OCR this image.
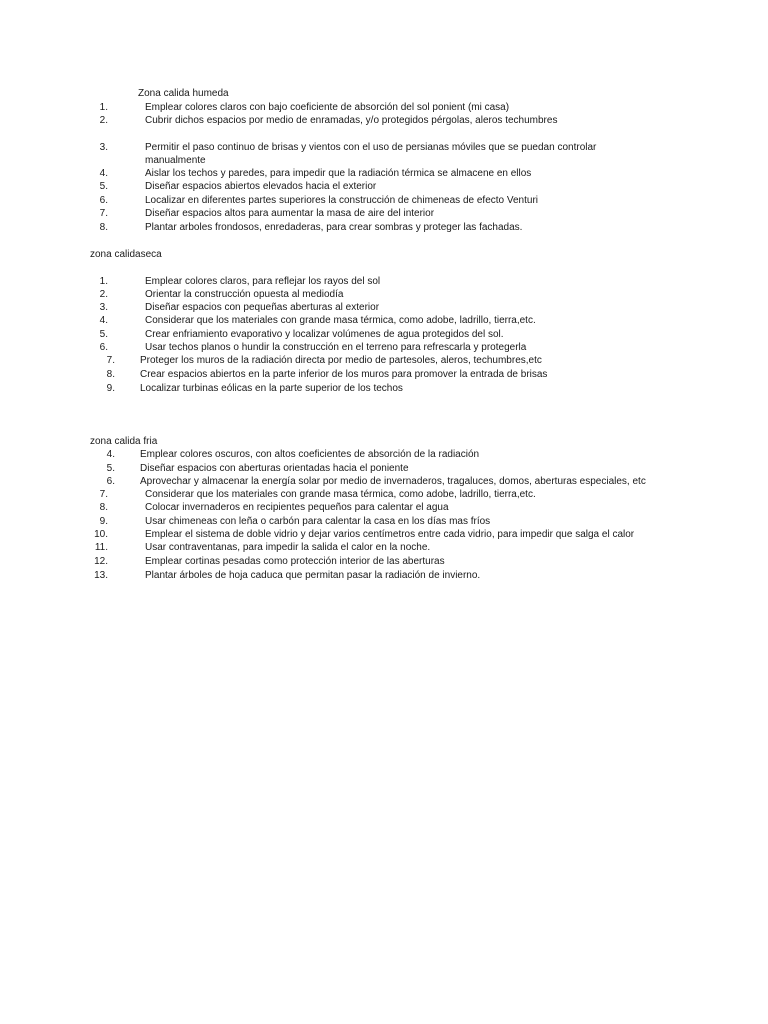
Zona calida humeda
1.	Emplear colores claros con bajo coeficiente de absorción del sol ponient (mi casa)
2.	Cubrir dichos espacios por medio de enramadas, y/o protegidos pérgolas, aleros techumbres
3.	Permitir el paso continuo de brisas y vientos con el uso de persianas móviles que se puedan controlar manualmente
4.	Aislar los techos y paredes, para impedir que la radiación térmica se almacene en ellos
5.	Diseñar espacios abiertos elevados hacia el exterior
6.	Localizar en diferentes partes superiores la construcción de chimeneas de efecto Venturi
7.	Diseñar espacios altos para aumentar la masa de aire del interior
8.	Plantar arboles frondosos, enredaderas, para crear sombras y proteger las fachadas.
zona calidaseca
1.	Emplear colores claros, para reflejar los rayos del sol
2.	Orientar la construcción opuesta al mediodía
3.	Diseñar espacios con pequeñas aberturas al exterior
4.	Considerar que los materiales con grande masa térmica, como adobe, ladrillo, tierra,etc.
5.	Crear enfriamiento evaporativo y localizar volúmenes de agua protegidos del sol.
6.	Usar techos planos o hundir la construcción en el terreno para refrescarla y protegerla
7.	Proteger los muros de la radiación directa por medio de partesoles, aleros, techumbres,etc
8.	Crear espacios abiertos en la parte inferior de los muros para promover la entrada de brisas
9.	Localizar turbinas eólicas en la parte superior de los techos
zona calida fria
4.	Emplear colores oscuros, con altos coeficientes de absorción de la radiación
5.	Diseñar espacios con aberturas orientadas hacia el poniente
6.	Aprovechar y almacenar la energía solar por medio de invernaderos, tragaluces, domos, aberturas especiales, etc
7.	Considerar que los materiales con grande masa térmica, como adobe, ladrillo, tierra,etc.
8.	Colocar invernaderos en recipientes pequeños para calentar el agua
9.	Usar chimeneas con leña o carbón para calentar la casa en los días mas fríos
10.	Emplear el sistema de doble vidrio y dejar varios centímetros entre cada vidrio, para impedir que salga el calor
11.	Usar contraventanas, para impedir la salida el calor en la noche.
12.	Emplear cortinas pesadas como protección interior de las aberturas
13.	Plantar árboles de hoja caduca que permitan pasar la radiación de invierno.
